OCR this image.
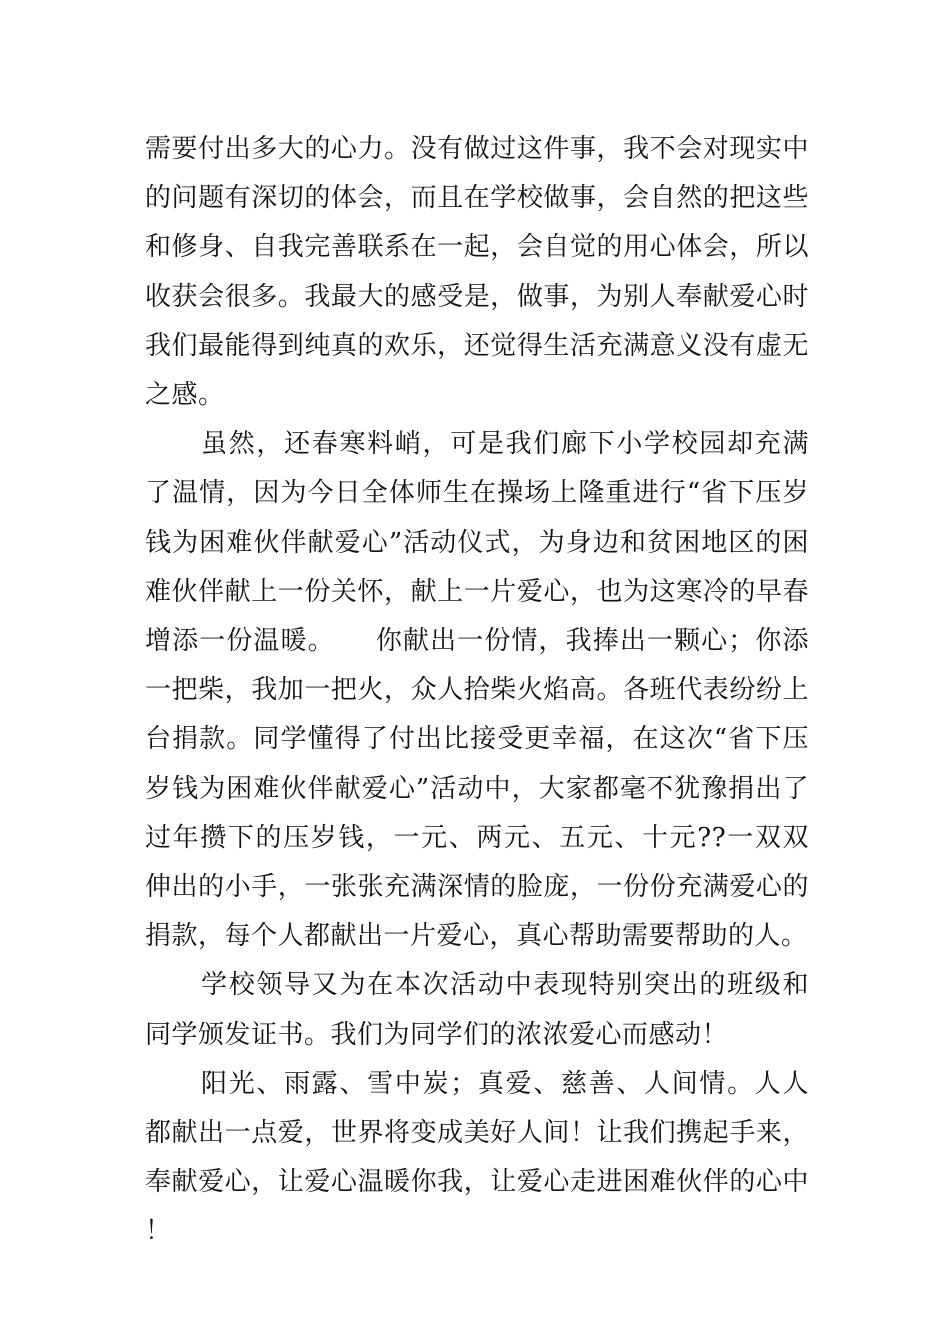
需要付出多大的心力。没有做过这件事，我不会对现实中的问题有深切的体会，而且在学校做事，会自然的把这些和修身、自我完善联系在一起，会自觉的用心体会，所以收获会很多。我最大的感受是，做事，为别人奉献爱心时我们最能得到纯真的欢乐，还觉得生活充满意义没有虚无之感。

虽然，还春寒料峭，可是我们廊下小学校园却充满了温情，因为今日全体师生在操场上隆重进行“省下压岁钱为困难伙伴献爱心”活动仪式，为身边和贫困地区的困难伙伴献上一份关怀，献上一片爱心，也为这寒冷的早春增添一份温暖。　　你献出一份情，我捧出一颗心；你添一把柴，我加一把火，众人拾柴火焰高。各班代表纷纷上台捐款。同学懂得了付出比接受更幸福，在这次“省下压岁钱为困难伙伴献爱心”活动中，大家都毫不犹豫捐出了过年攒下的压岁钱，一元、两元、五元、十元??一双双伸出的小手，一张张充满深情的脸庞，一份份充满爱心的捐款，每个人都献出一片爱心，真心帮助需要帮助的人。

学校领导又为在本次活动中表现特别突出的班级和同学颁发证书。我们为同学们的浓浓爱心而感动！

阳光、雨露、雪中炭；真爱、慈善、人间情。人人都献出一点爱，世界将变成美好人间！让我们携起手来，奉献爱心，让爱心温暖你我，让爱心走进困难伙伴的心中！
